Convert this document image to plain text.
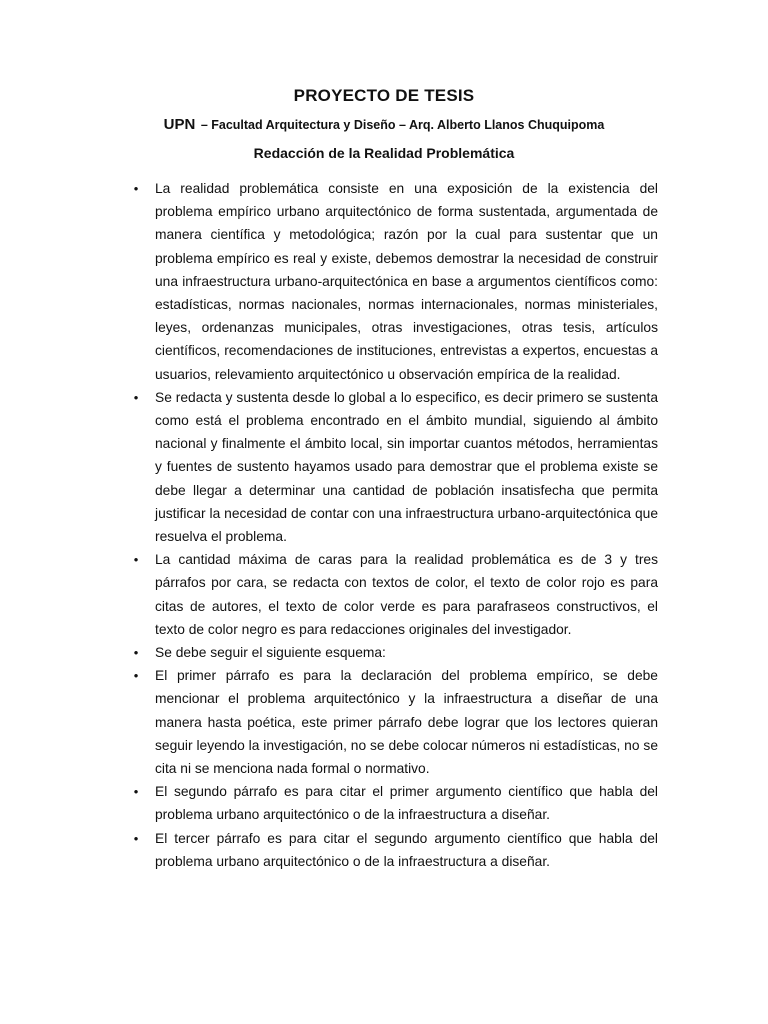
PROYECTO DE TESIS
UPN – Facultad Arquitectura y Diseño – Arq. Alberto Llanos Chuquipoma
Redacción de la Realidad Problemática
• La realidad problemática consiste en una exposición de la existencia del problema empírico urbano arquitectónico de forma sustentada, argumentada de manera científica y metodológica; razón por la cual para sustentar que un problema empírico es real y existe, debemos demostrar la necesidad de construir una infraestructura urbano-arquitectónica en base a argumentos científicos como: estadísticas, normas nacionales, normas internacionales, normas ministeriales, leyes, ordenanzas municipales, otras investigaciones, otras tesis, artículos científicos, recomendaciones de instituciones, entrevistas a expertos, encuestas a usuarios, relevamiento arquitectónico u observación empírica de la realidad.
• Se redacta y sustenta desde lo global a lo especifico, es decir primero se sustenta como está el problema encontrado en el ámbito mundial, siguiendo al ámbito nacional y finalmente el ámbito local, sin importar cuantos métodos, herramientas y fuentes de sustento hayamos usado para demostrar que el problema existe se debe llegar a determinar una cantidad de población insatisfecha que permita justificar la necesidad de contar con una infraestructura urbano-arquitectónica que resuelva el problema.
• La cantidad máxima de caras para la realidad problemática es de 3 y tres párrafos por cara, se redacta con textos de color, el texto de color rojo es para citas de autores, el texto de color verde es para parafraseos constructivos, el texto de color negro es para redacciones originales del investigador.
• Se debe seguir el siguiente esquema:
• El primer párrafo es para la declaración del problema empírico, se debe mencionar el problema arquitectónico y la infraestructura a diseñar de una manera hasta poética, este primer párrafo debe lograr que los lectores quieran seguir leyendo la investigación, no se debe colocar números ni estadísticas, no se cita ni se menciona nada formal o normativo.
• El segundo párrafo es para citar el primer argumento científico que habla del problema urbano arquitectónico o de la infraestructura a diseñar.
• El tercer párrafo es para citar el segundo argumento científico que habla del problema urbano arquitectónico o de la infraestructura a diseñar.
